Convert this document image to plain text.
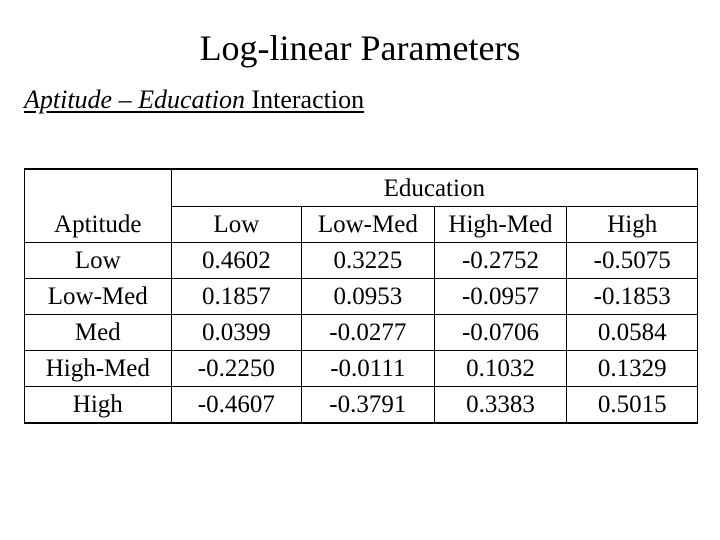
Log-linear Parameters
Aptitude – Education Interaction
	Education			
Aptitude	Low	Low-Med	High-Med	High
Low	0.4602	0.3225	-0.2752	-0.5075
Low-Med	0.1857	0.0953	-0.0957	-0.1853
Med	0.0399	-0.0277	-0.0706	0.0584
High-Med	-0.2250	-0.0111	0.1032	0.1329
High	-0.4607	-0.3791	0.3383	0.5015
